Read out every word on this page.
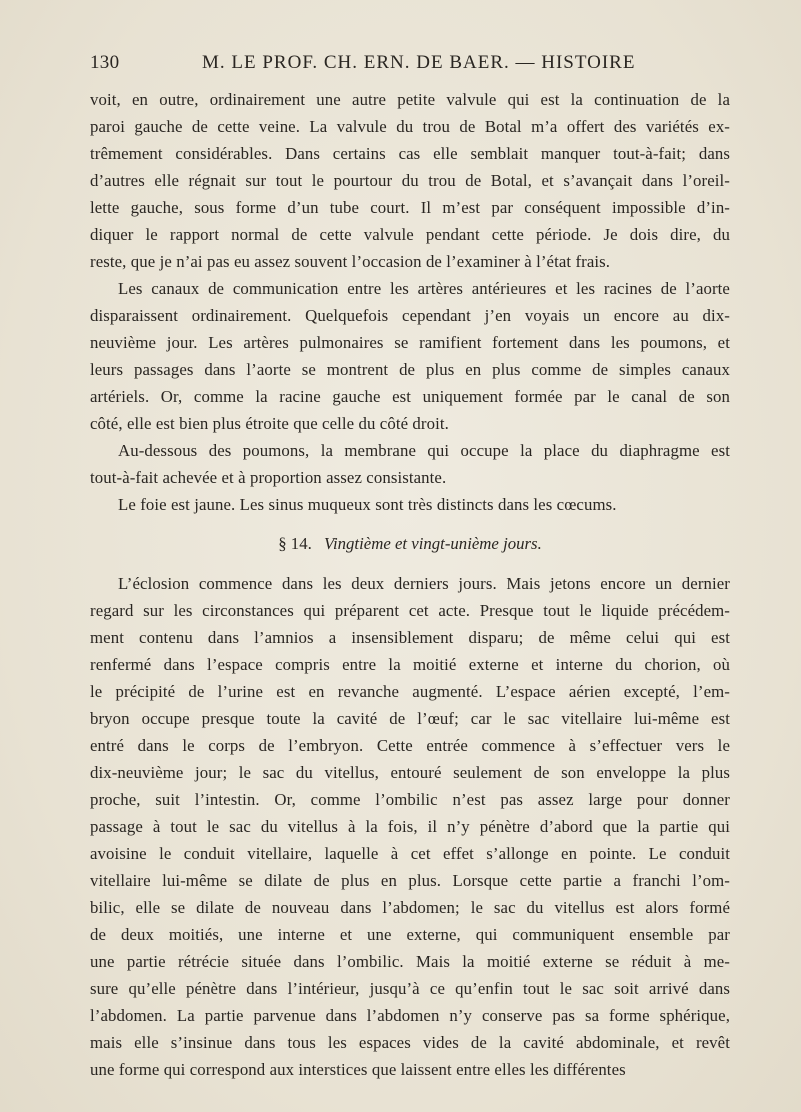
130	M. LE PROF. CH. ERN. DE BAER. — HISTOIRE
voit, en outre, ordinairement une autre petite valvule qui est la continuation de la
paroi gauche de cette veine. La valvule du trou de Botal m’a offert des variétés ex-
trêmement considérables. Dans certains cas elle semblait manquer tout-à-fait; dans
d’autres elle régnait sur tout le pourtour du trou de Botal, et s’avançait dans l’oreil-
lette gauche, sous forme d’un tube court. Il m’est par conséquent impossible d’in-
diquer le rapport normal de cette valvule pendant cette période. Je dois dire, du
reste, que je n’ai pas eu assez souvent l’occasion de l’examiner à l’état frais.
Les canaux de communication entre les artères antérieures et les racines de l’aorte
disparaissent ordinairement. Quelquefois cependant j’en voyais un encore au dix-
neuvième jour. Les artères pulmonaires se ramifient fortement dans les poumons, et
leurs passages dans l’aorte se montrent de plus en plus comme de simples canaux
artériels. Or, comme la racine gauche est uniquement formée par le canal de son
côté, elle est bien plus étroite que celle du côté droit.
Au-dessous des poumons, la membrane qui occupe la place du diaphragme est
tout-à-fait achevée et à proportion assez consistante.
Le foie est jaune. Les sinus muqueux sont très distincts dans les cœcums.
§ 14. Vingtième et vingt-unième jours.
L’éclosion commence dans les deux derniers jours. Mais jetons encore un dernier
regard sur les circonstances qui préparent cet acte. Presque tout le liquide précédem-
ment contenu dans l’amnios a insensiblement disparu; de même celui qui est
renfermé dans l’espace compris entre la moitié externe et interne du chorion, où
le précipité de l’urine est en revanche augmenté. L’espace aérien excepté, l’em-
bryon occupe presque toute la cavité de l’œuf; car le sac vitellaire lui-même est
entré dans le corps de l’embryon. Cette entrée commence à s’effectuer vers le
dix-neuvième jour; le sac du vitellus, entouré seulement de son enveloppe la plus
proche, suit l’intestin. Or, comme l’ombilic n’est pas assez large pour donner
passage à tout le sac du vitellus à la fois, il n’y pénètre d’abord que la partie qui
avoisine le conduit vitellaire, laquelle à cet effet s’allonge en pointe. Le conduit
vitellaire lui-même se dilate de plus en plus. Lorsque cette partie a franchi l’om-
bilic, elle se dilate de nouveau dans l’abdomen; le sac du vitellus est alors formé
de deux moitiés, une interne et une externe, qui communiquent ensemble par
une partie rétrécie située dans l’ombilic. Mais la moitié externe se réduit à me-
sure qu’elle pénètre dans l’intérieur, jusqu’à ce qu’enfin tout le sac soit arrivé dans
l’abdomen. La partie parvenue dans l’abdomen n’y conserve pas sa forme sphérique,
mais elle s’insinue dans tous les espaces vides de la cavité abdominale, et revêt
une forme qui correspond aux interstices que laissent entre elles les différentes
